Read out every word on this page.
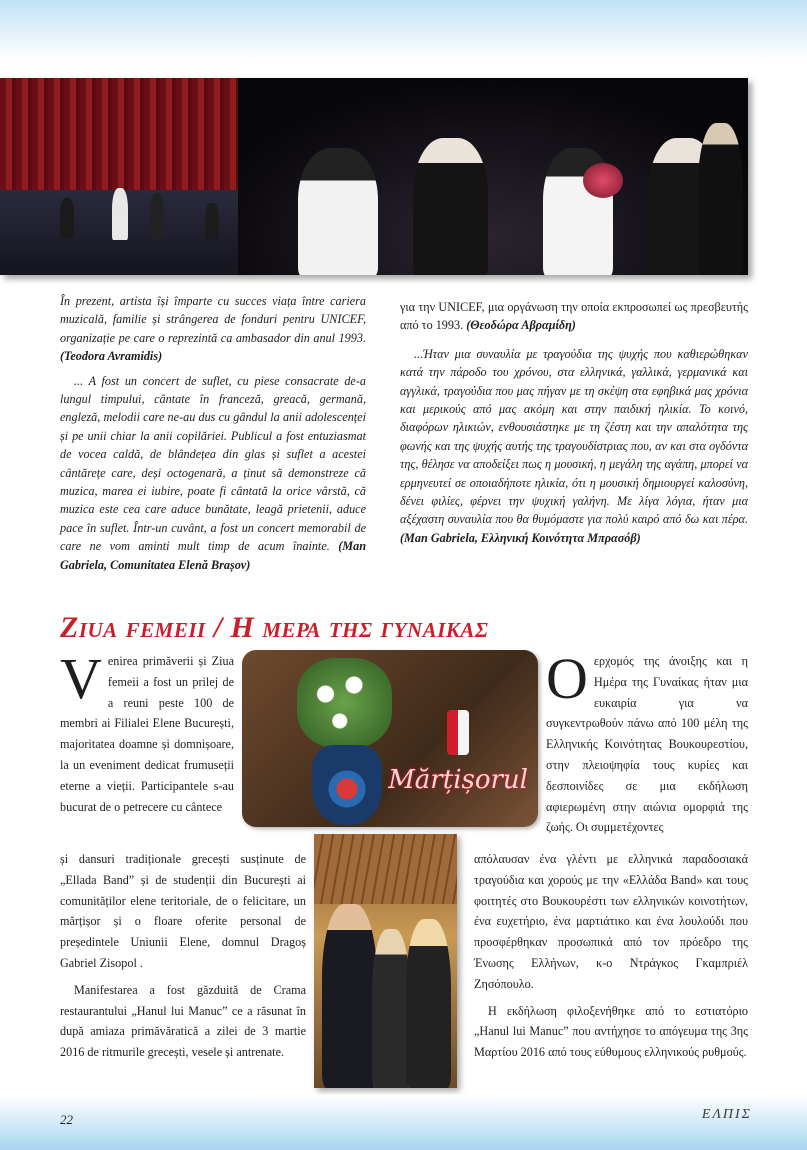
În prezent, artista își împarte cu succes viața între cariera muzicală, familie și strângerea de fonduri pentru UNICEF, organizație pe care o reprezintă ca ambasador din anul 1993. (Teodora Avramidis)

... A fost un concert de suflet, cu piese consacrate de-a lungul timpului, cântate în franceză, greacă, germană, engleză, melodii care ne-au dus cu gândul la anii adolescenței și pe unii chiar la anii copilăriei. Publicul a fost entuziasmat de vocea caldă, de blândețea din glas și suflet a acestei cântărețe care, deși octogenară, a ținut să demonstreze că muzica, marea ei iubire, poate fi cântată la orice vârstă, că muzica este cea care aduce bunătate, leagă prietenii, aduce pace în suflet. Într-un cuvânt, a fost un concert memorabil de care ne vom aminti mult timp de acum înainte. (Man Gabriela, Comunitatea Elenă Brașov)

για την UNICEF, μια οργάνωση την οποία εκπροσωπεί ως πρεσβευτής από το 1993. (Θεοδώρα Αβραμίδη)

...Ήταν μια συναυλία με τραγούδια της ψυχής που καθιερώθηκαν κατά την πάροδο του χρόνου, στα ελληνικά, γαλλικά, γερμανικά και αγγλικά, τραγούδια που μας πήγαν με τη σκέψη στα εφηβικά μας χρόνια και μερικούς από μας ακόμη και στην παιδική ηλικία. Το κοινό, διαφόρων ηλικιών, ενθουσιάστηκε με τη ζέστη και την απαλότητα της φωνής και της ψυχής αυτής της τραγουδίστριας που, αν και στα ογδόντα της, θέλησε να αποδείξει πως η μουσική, η μεγάλη της αγάπη, μπορεί να ερμηνευτεί σε οποιαδήποτε ηλικία, ότι η μουσική δημιουργεί καλοσύνη, δένει φιλίες, φέρνει την ψυχική γαλήνη. Με λίγα λόγια, ήταν μια αξέχαστη συναυλία που θα θυμόμαστε για πολύ καιρό από δω και πέρα. (Man Gabriela, Ελληνική Κοινότητα Μπρασόβ)

Ziua femeii / Η μερα της γυναικας
Venirea primăverii și Ziua femeii a fost un prilej de a reuni peste 100 de membri ai Filialei Elene București, majoritatea doamne și domnișoare, la un eveniment dedicat frumuseții eterne a vieții. Participantele s-au bucurat de o petrecere cu cântece
Mărțișorul
Οερχομός της άνοιξης και η Ημέρα της Γυναίκας ήταν μια ευκαιρία για να συγκεντρωθούν πάνω από 100 μέλη της Ελληνικής Κοινότητας Βουκουρεστίου, στην πλειοψηφία τους κυρίες και δεσποινίδες σε μια εκδήλωση αφιερωμένη στην αιώνια ομορφιά της ζωής. Οι συμμετέχοντες

și dansuri tradiționale grecești susținute de „Ellada Band” și de studenții din București ai comunităților elene teritoriale, de o felicitare, un mărțișor și o floare oferite personal de președintele Uniunii Elene, domnul Dragoș Gabriel Zisopol .

Manifestarea a fost găzduită de Crama restaurantului „Hanul lui Manuc” ce a răsunat în după amiaza primăvăratică a zilei de 3 martie 2016 de ritmurile grecești, vesele și antrenate.

απόλαυσαν ένα γλέντι με ελληνικά παραδοσιακά τραγούδια και χορούς με την «Ελλάδα Band» και τους φοιτητές στο Βουκουρέστι των ελληνικών κοινοτήτων, ένα ευχετήριο, ένα μαρτιάτικο και ένα λουλούδι που προσφέρθηκαν προσωπικά από τον πρόεδρο της Ένωσης Ελλήνων, κ-ο Ντράγκος Γκαμπριέλ Ζησόπουλο.

Η εκδήλωση φιλοξενήθηκε από το εστιατόριο „Hanul lui Manuc” που αντήχησε το απόγευμα της 3ης Μαρτίου 2016 από τους εύθυμους ελληνικούς ρυθμούς.

22	ΕΛΠΙΣ
